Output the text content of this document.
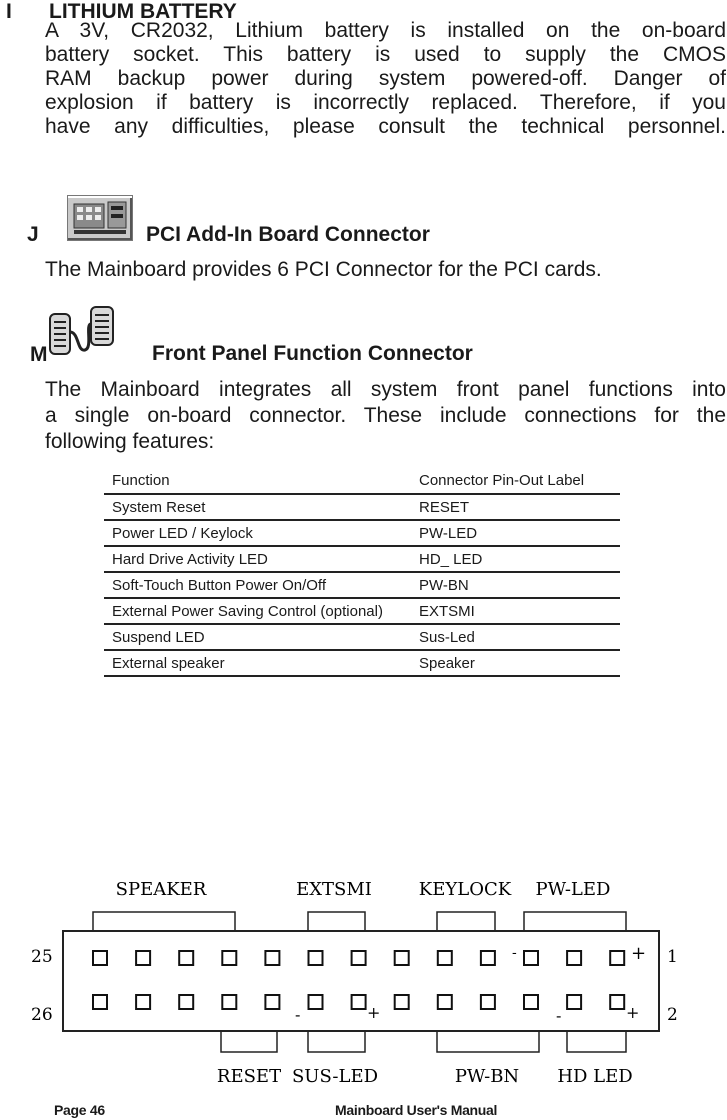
I LITHIUM BATTERY
A 3V, CR2032, Lithium battery is installed on the on-board
battery socket. This battery is used to supply the CMOS
RAM backup power during system powered-off. Danger of
explosion if battery is incorrectly replaced. Therefore, if you
have any difficulties, please consult the technical personnel.
J	PCI Add-In Board Connector
The Mainboard provides 6 PCI Connector for the PCI cards.
M	Front Panel Function Connector
The Mainboard integrates all system front panel functions into
a single on-board connector. These include connections for the
following features:
Function	Connector Pin-Out Label
System Reset	RESET
Power LED / Keylock	PW-LED
Hard Drive Activity LED	HD_ LED
Soft-Touch Button Power On/Off	PW-BN
External Power Saving Control (optional)	EXTSMI
Suspend LED	Sus-Led
External speaker	Speaker
SPEAKER	EXTSMI	KEYLOCK PW-LED
+
-
-	+	-	+
25
26
1
2
RESET SUS-LED	PW-BN HD LED
Page 46	Mainboard User's Manual
